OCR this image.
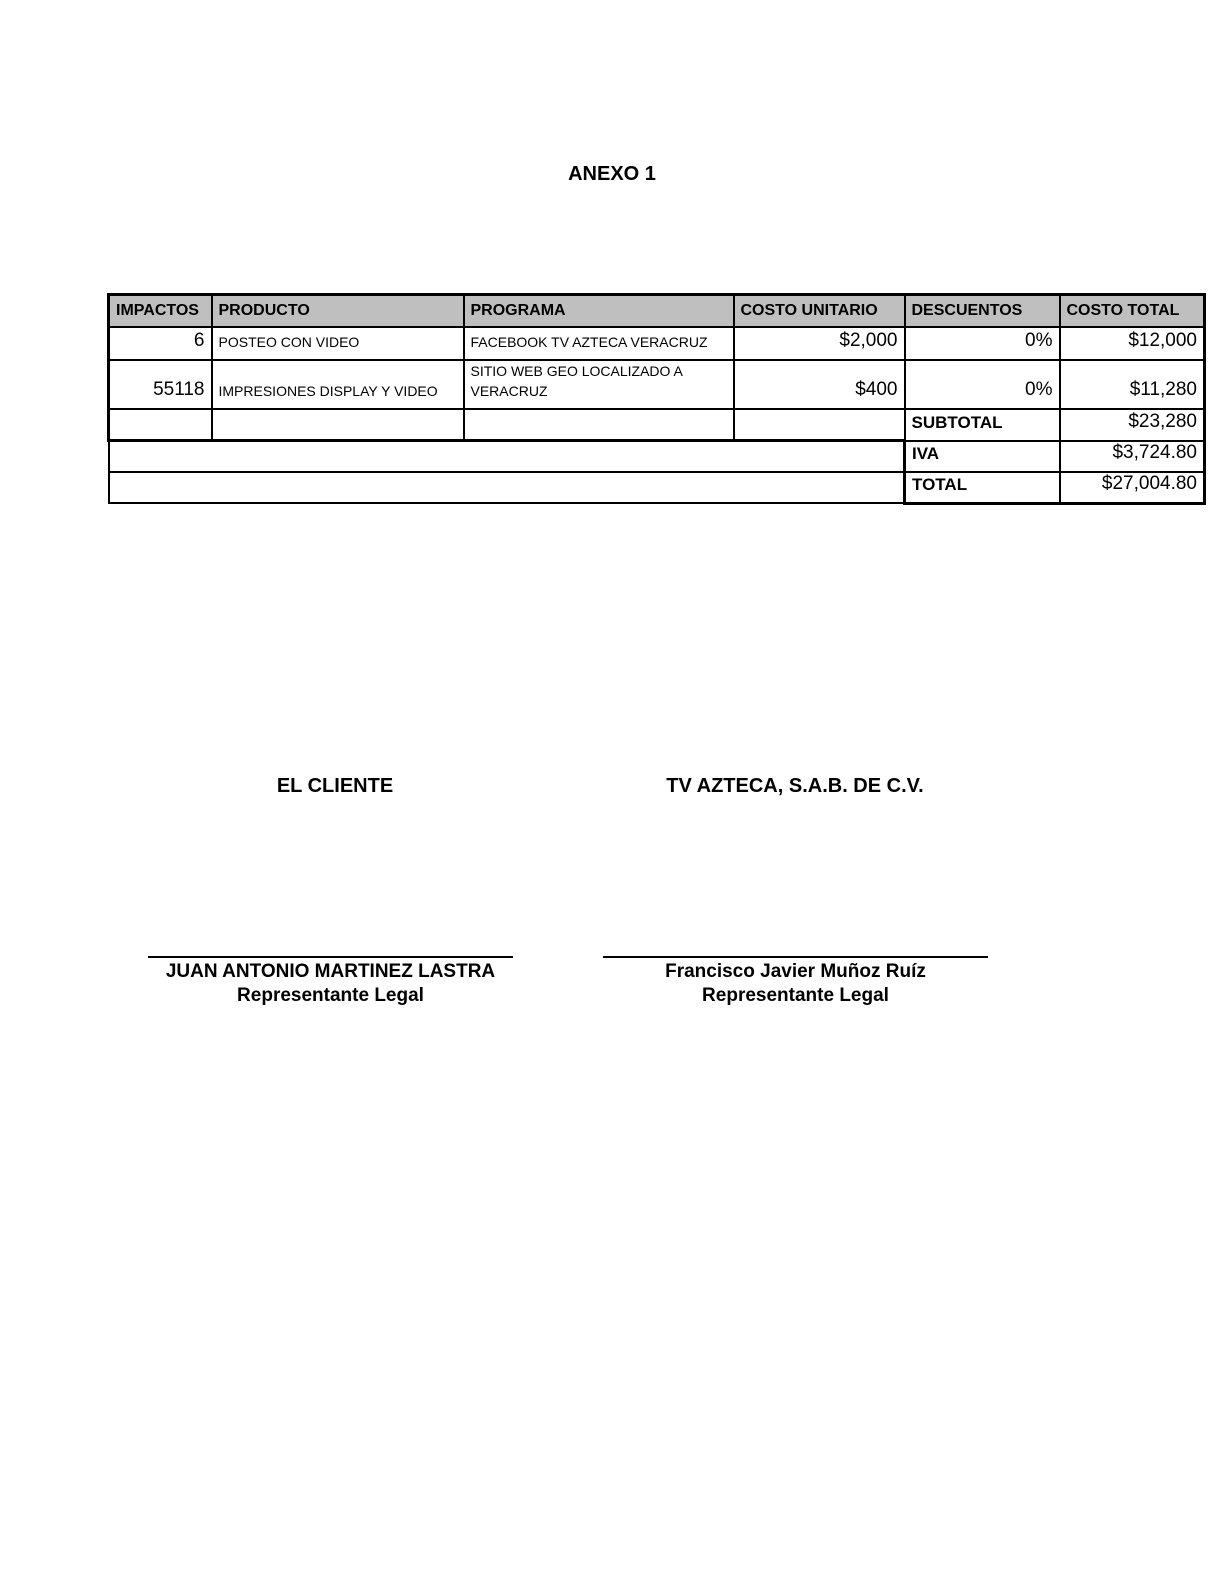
ANEXO 1
IMPACTOS	PRODUCTO	PROGRAMA	COSTO UNITARIO	DESCUENTOS	COSTO TOTAL
6	POSTEO CON VIDEO	FACEBOOK TV AZTECA VERACRUZ	$2,000	0%	$12,000
55118	IMPRESIONES DISPLAY Y VIDEO	SITIO WEB GEO LOCALIZADO A VERACRUZ	$400	0%	$11,280
				SUBTOTAL	$23,280
				IVA	$3,724.80
				TOTAL	$27,004.80
EL CLIENTE	TV AZTECA, S.A.B. DE C.V.
JUAN ANTONIO MARTINEZ LASTRA
Representante Legal
Francisco Javier Muñoz Ruíz
Representante Legal
